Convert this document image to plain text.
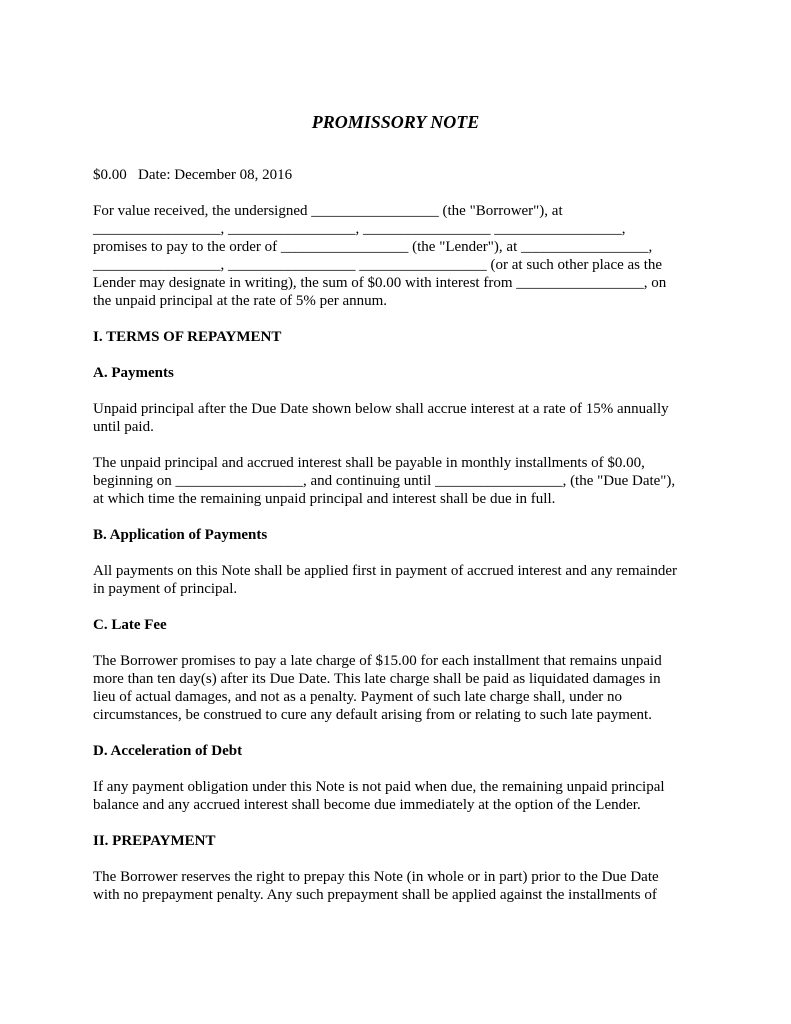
PROMISSORY NOTE
$0.00   Date: December 08, 2016
For value received, the undersigned _________________ (the "Borrower"), at
_________________, _________________, _________________ _________________,
promises to pay to the order of _________________ (the "Lender"), at _________________,
_________________, _________________ _________________ (or at such other place as the
Lender may designate in writing), the sum of $0.00 with interest from _________________, on
the unpaid principal at the rate of 5% per annum.
I. TERMS OF REPAYMENT
A. Payments
Unpaid principal after the Due Date shown below shall accrue interest at a rate of 15% annually
until paid.
The unpaid principal and accrued interest shall be payable in monthly installments of $0.00,
beginning on _________________, and continuing until _________________, (the "Due Date"),
at which time the remaining unpaid principal and interest shall be due in full.
B. Application of Payments
All payments on this Note shall be applied first in payment of accrued interest and any remainder
in payment of principal.
C. Late Fee
The Borrower promises to pay a late charge of $15.00 for each installment that remains unpaid
more than ten day(s) after its Due Date. This late charge shall be paid as liquidated damages in
lieu of actual damages, and not as a penalty. Payment of such late charge shall, under no
circumstances, be construed to cure any default arising from or relating to such late payment.
D. Acceleration of Debt
If any payment obligation under this Note is not paid when due, the remaining unpaid principal
balance and any accrued interest shall become due immediately at the option of the Lender.
II. PREPAYMENT
The Borrower reserves the right to prepay this Note (in whole or in part) prior to the Due Date
with no prepayment penalty. Any such prepayment shall be applied against the installments of
